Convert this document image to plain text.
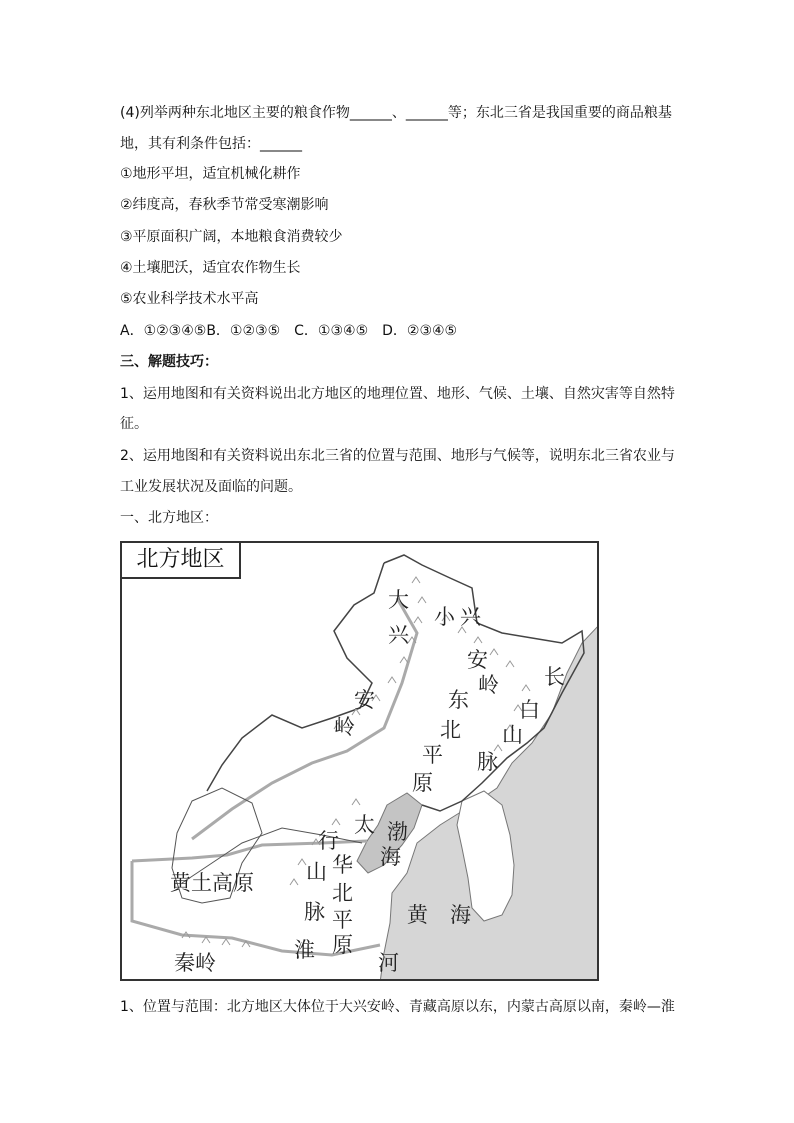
(4)列举两种东北地区主要的粮食作物______、______等；东北三省是我国重要的商品粮基
地，其有利条件包括：______
①地形平坦，适宜机械化耕作
②纬度高，春秋季节常受寒潮影响
③平原面积广阔，本地粮食消费较少
④土壤肥沃，适宜农作物生长
⑤农业科学技术水平高
A．①②③④⑤B．①②③⑤　C．①③④⑤　D．②③④⑤
三、解题技巧：
1、运用地图和有关资料说出北方地区的地理位置、地形、气候、土壤、自然灾害等自然特
征。
2、运用地图和有关资料说出东北三省的位置与范围、地形与气候等，说明东北三省农业与
工业发展状况及面临的问题。
一、北方地区：
北方地区
大
兴
安
岭
小 兴
安
岭 长
白
山
脉
东
北
平
原
太
行
山
脉
渤
海
华
北
平
原
黄土高原
黄 海
秦岭
淮
河
1、位置与范围：北方地区大体位于大兴安岭、青藏高原以东，内蒙古高原以南，秦岭—淮
